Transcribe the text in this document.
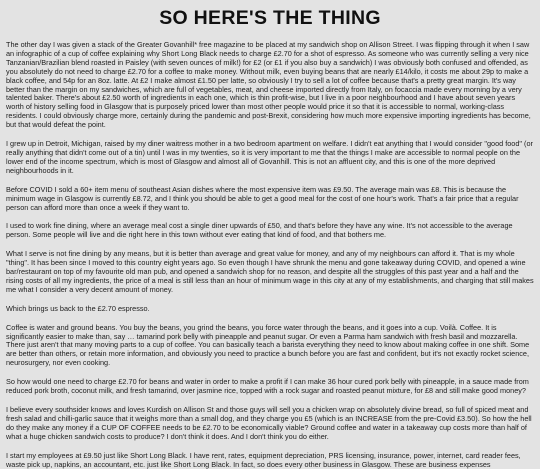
SO HERE'S THE THING

The other day I was given a stack of the Greater Govanhill* free magazine to be placed at my sandwich shop on Allison Street. I was flipping through it when I saw an infographic of a cup of coffee explaining why Short Long Black needs to charge £2.70 for a shot of espresso. As someone who was currently selling a very nice Tanzanian/Brazilian blend roasted in Paisley (with seven ounces of milk!) for £2 (or £1 if you also buy a sandwich) I was obviously both confused and offended, as you absolutely do not need to charge £2.70 for a coffee to make money. Without milk, even buying beans that are nearly £14/kilo, it costs me about 29p to make a black coffee, and 54p for an 8oz. latte. At £2 I make almost £1.50 per latte, so obviously I try to sell a lot of coffee because that's a pretty great margin. It's way better than the margin on my sandwiches, which are full of vegetables, meat, and cheese imported directly from Italy, on focaccia made every morning by a very talented baker. There's about £2.50 worth of ingredients in each one, which is thin profit-wise, but I live in a poor neighbourhood and I have about seven years worth of history selling food in Glasgow that is purposely priced lower than most other people would price it so that it is accessible to normal, working-class residents. I could obviously charge more, certainly during the pandemic and post-Brexit, considering how much more expensive importing ingredients has become, but that would defeat the point.

I grew up in Detroit, Michigan, raised by my diner waitress mother in a two bedroom apartment on welfare. I didn't eat anything that I would consider "good food" (or really anything that didn't come out of a tin) until I was in my twenties, so it is very important to me that the things I make are accessible to normal people on the lower end of the income spectrum, which is most of Glasgow and almost all of Govanhill. This is not an affluent city, and this is one of the more deprived neighbourhoods in it.

Before COVID I sold a 60+ item menu of southeast Asian dishes where the most expensive item was £9.50. The average main was £8. This is because the minimum wage in Glasgow is currently £8.72, and I think you should be able to get a good meal for the cost of one hour's work. That's a fair price that a regular person can afford more than once a week if they want to.

I used to work fine dining, where an average meal cost a single diner upwards of £50, and that's before they have any wine. It's not accessible to the average person. Some people will live and die right here in this town without ever eating that kind of food, and that bothers me.

What I serve is not fine dining by any means, but it is better than average and great value for money, and any of my neighbours can afford it. That is my whole "thing". It has been since I moved to this country eight years ago. So even though I have shrunk the menu and gone takeaway during COVID, and opened a wine bar/restaurant on top of my favourite old man pub, and opened a sandwich shop for no reason, and despite all the struggles of this past year and a half and the rising costs of all my ingredients, the price of a meal is still less than an hour of minimum wage in this city at any of my establishments, and charging that still makes me what I consider a very decent amount of money.

Which brings us back to the £2.70 espresso.

Coffee is water and ground beans. You buy the beans, you grind the beans, you force water through the beans, and it goes into a cup. Voilà. Coffee. It is significantly easier to make than, say … tamarind pork belly with pineapple and peanut sugar. Or even a Parma ham sandwich with fresh basil and mozzarella. There just aren't that many moving parts to a cup of coffee. You can basically teach a barista everything they need to know about making coffee in one shift. Some are better than others, or retain more information, and obviously you need to practice a bunch before you are fast and confident, but it's not exactly rocket science, neurosurgery, nor even cooking.

So how would one need to charge £2.70 for beans and water in order to make a profit if I can make 36 hour cured pork belly with pineapple, in a sauce made from reduced pork broth, coconut milk, and fresh tamarind, over jasmine rice, topped with a rock sugar and roasted peanut mixture, for £8 and still make good money?

I believe every southsider knows and loves Kurdish on Allison St and those guys will sell you a chicken wrap on absolutely divine bread, so full of spiced meat and fresh salad and chilli-garlic sauce that it weighs more than a small dog, and they charge you £5 (which is an INCREASE from the pre-Covid £3.50). So how the hell do they make any money if a CUP OF COFFEE needs to be £2.70 to be economically viable? Ground coffee and water in a takeaway cup costs more than half of what a huge chicken sandwich costs to produce? I don't think it does. And I don't think you do either.

I start my employees at £9.50 just like Short Long Black. I have rent, rates, equipment depreciation, PRS licensing, insurance, power, internet, card reader fees, waste pick up, napkins, an accountant, etc. just like Short Long Black. In fact, so does every other business in Glasgow. These are business expenses
